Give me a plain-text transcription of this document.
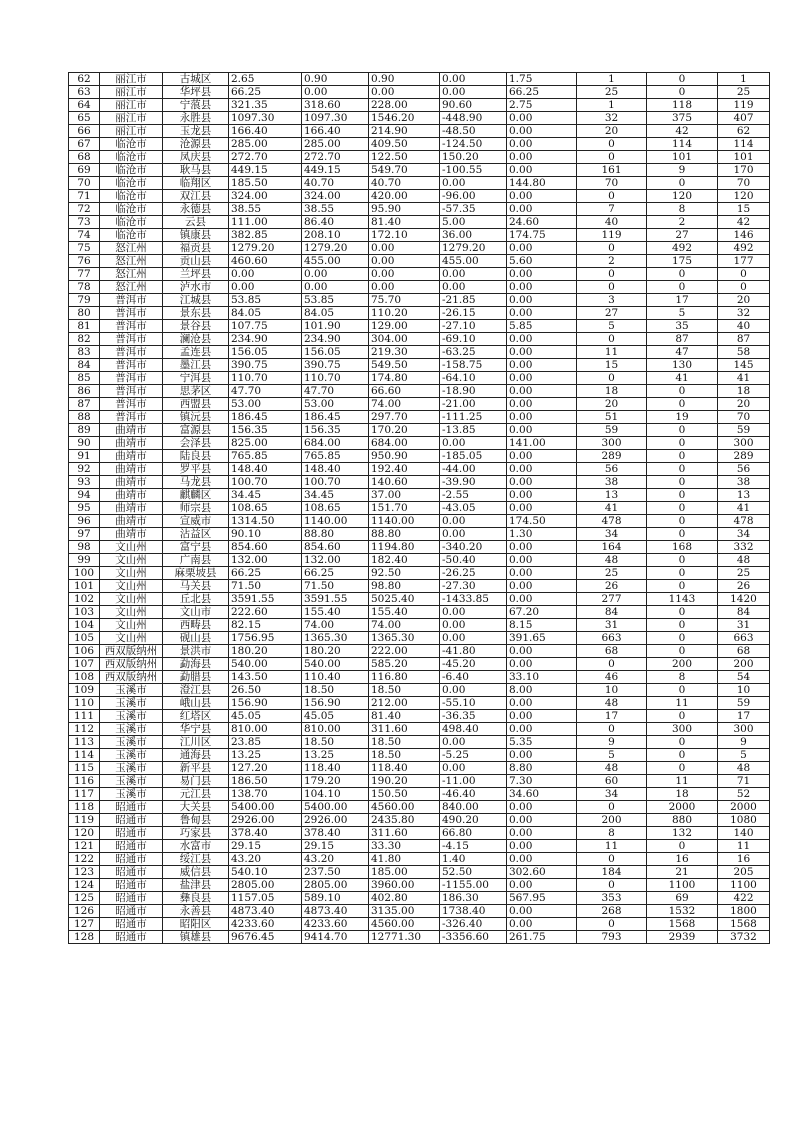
62	丽江市	古城区	2.65	0.90	0.90	0.00	1.75	1	0	1
63	丽江市	华坪县	66.25	0.00	0.00	0.00	66.25	25	0	25
64	丽江市	宁蒗县	321.35	318.60	228.00	90.60	2.75	1	118	119
65	丽江市	永胜县	1097.30	1097.30	1546.20	-448.90	0.00	32	375	407
66	丽江市	玉龙县	166.40	166.40	214.90	-48.50	0.00	20	42	62
67	临沧市	沧源县	285.00	285.00	409.50	-124.50	0.00	0	114	114
68	临沧市	凤庆县	272.70	272.70	122.50	150.20	0.00	0	101	101
69	临沧市	耿马县	449.15	449.15	549.70	-100.55	0.00	161	9	170
70	临沧市	临翔区	185.50	40.70	40.70	0.00	144.80	70	0	70
71	临沧市	双江县	324.00	324.00	420.00	-96.00	0.00	0	120	120
72	临沧市	永德县	38.55	38.55	95.90	-57.35	0.00	7	8	15
73	临沧市	云县	111.00	86.40	81.40	5.00	24.60	40	2	42
74	临沧市	镇康县	382.85	208.10	172.10	36.00	174.75	119	27	146
75	怒江州	福贡县	1279.20	1279.20	0.00	1279.20	0.00	0	492	492
76	怒江州	贡山县	460.60	455.00	0.00	455.00	5.60	2	175	177
77	怒江州	兰坪县	0.00	0.00	0.00	0.00	0.00	0	0	0
78	怒江州	泸水市	0.00	0.00	0.00	0.00	0.00	0	0	0
79	普洱市	江城县	53.85	53.85	75.70	-21.85	0.00	3	17	20
80	普洱市	景东县	84.05	84.05	110.20	-26.15	0.00	27	5	32
81	普洱市	景谷县	107.75	101.90	129.00	-27.10	5.85	5	35	40
82	普洱市	澜沧县	234.90	234.90	304.00	-69.10	0.00	0	87	87
83	普洱市	孟连县	156.05	156.05	219.30	-63.25	0.00	11	47	58
84	普洱市	墨江县	390.75	390.75	549.50	-158.75	0.00	15	130	145
85	普洱市	宁洱县	110.70	110.70	174.80	-64.10	0.00	0	41	41
86	普洱市	思茅区	47.70	47.70	66.60	-18.90	0.00	18	0	18
87	普洱市	西盟县	53.00	53.00	74.00	-21.00	0.00	20	0	20
88	普洱市	镇沅县	186.45	186.45	297.70	-111.25	0.00	51	19	70
89	曲靖市	富源县	156.35	156.35	170.20	-13.85	0.00	59	0	59
90	曲靖市	会泽县	825.00	684.00	684.00	0.00	141.00	300	0	300
91	曲靖市	陆良县	765.85	765.85	950.90	-185.05	0.00	289	0	289
92	曲靖市	罗平县	148.40	148.40	192.40	-44.00	0.00	56	0	56
93	曲靖市	马龙县	100.70	100.70	140.60	-39.90	0.00	38	0	38
94	曲靖市	麒麟区	34.45	34.45	37.00	-2.55	0.00	13	0	13
95	曲靖市	师宗县	108.65	108.65	151.70	-43.05	0.00	41	0	41
96	曲靖市	宣威市	1314.50	1140.00	1140.00	0.00	174.50	478	0	478
97	曲靖市	沾益区	90.10	88.80	88.80	0.00	1.30	34	0	34
98	文山州	富宁县	854.60	854.60	1194.80	-340.20	0.00	164	168	332
99	文山州	广南县	132.00	132.00	182.40	-50.40	0.00	48	0	48
100	文山州	麻栗坡县	66.25	66.25	92.50	-26.25	0.00	25	0	25
101	文山州	马关县	71.50	71.50	98.80	-27.30	0.00	26	0	26
102	文山州	丘北县	3591.55	3591.55	5025.40	-1433.85	0.00	277	1143	1420
103	文山州	文山市	222.60	155.40	155.40	0.00	67.20	84	0	84
104	文山州	西畴县	82.15	74.00	74.00	0.00	8.15	31	0	31
105	文山州	砚山县	1756.95	1365.30	1365.30	0.00	391.65	663	0	663
106	西双版纳州	景洪市	180.20	180.20	222.00	-41.80	0.00	68	0	68
107	西双版纳州	勐海县	540.00	540.00	585.20	-45.20	0.00	0	200	200
108	西双版纳州	勐腊县	143.50	110.40	116.80	-6.40	33.10	46	8	54
109	玉溪市	澄江县	26.50	18.50	18.50	0.00	8.00	10	0	10
110	玉溪市	峨山县	156.90	156.90	212.00	-55.10	0.00	48	11	59
111	玉溪市	红塔区	45.05	45.05	81.40	-36.35	0.00	17	0	17
112	玉溪市	华宁县	810.00	810.00	311.60	498.40	0.00	0	300	300
113	玉溪市	江川区	23.85	18.50	18.50	0.00	5.35	9	0	9
114	玉溪市	通海县	13.25	13.25	18.50	-5.25	0.00	5	0	5
115	玉溪市	新平县	127.20	118.40	118.40	0.00	8.80	48	0	48
116	玉溪市	易门县	186.50	179.20	190.20	-11.00	7.30	60	11	71
117	玉溪市	元江县	138.70	104.10	150.50	-46.40	34.60	34	18	52
118	昭通市	大关县	5400.00	5400.00	4560.00	840.00	0.00	0	2000	2000
119	昭通市	鲁甸县	2926.00	2926.00	2435.80	490.20	0.00	200	880	1080
120	昭通市	巧家县	378.40	378.40	311.60	66.80	0.00	8	132	140
121	昭通市	水富市	29.15	29.15	33.30	-4.15	0.00	11	0	11
122	昭通市	绥江县	43.20	43.20	41.80	1.40	0.00	0	16	16
123	昭通市	威信县	540.10	237.50	185.00	52.50	302.60	184	21	205
124	昭通市	盐津县	2805.00	2805.00	3960.00	-1155.00	0.00	0	1100	1100
125	昭通市	彝良县	1157.05	589.10	402.80	186.30	567.95	353	69	422
126	昭通市	永善县	4873.40	4873.40	3135.00	1738.40	0.00	268	1532	1800
127	昭通市	昭阳区	4233.60	4233.60	4560.00	-326.40	0.00	0	1568	1568
128	昭通市	镇雄县	9676.45	9414.70	12771.30	-3356.60	261.75	793	2939	3732
